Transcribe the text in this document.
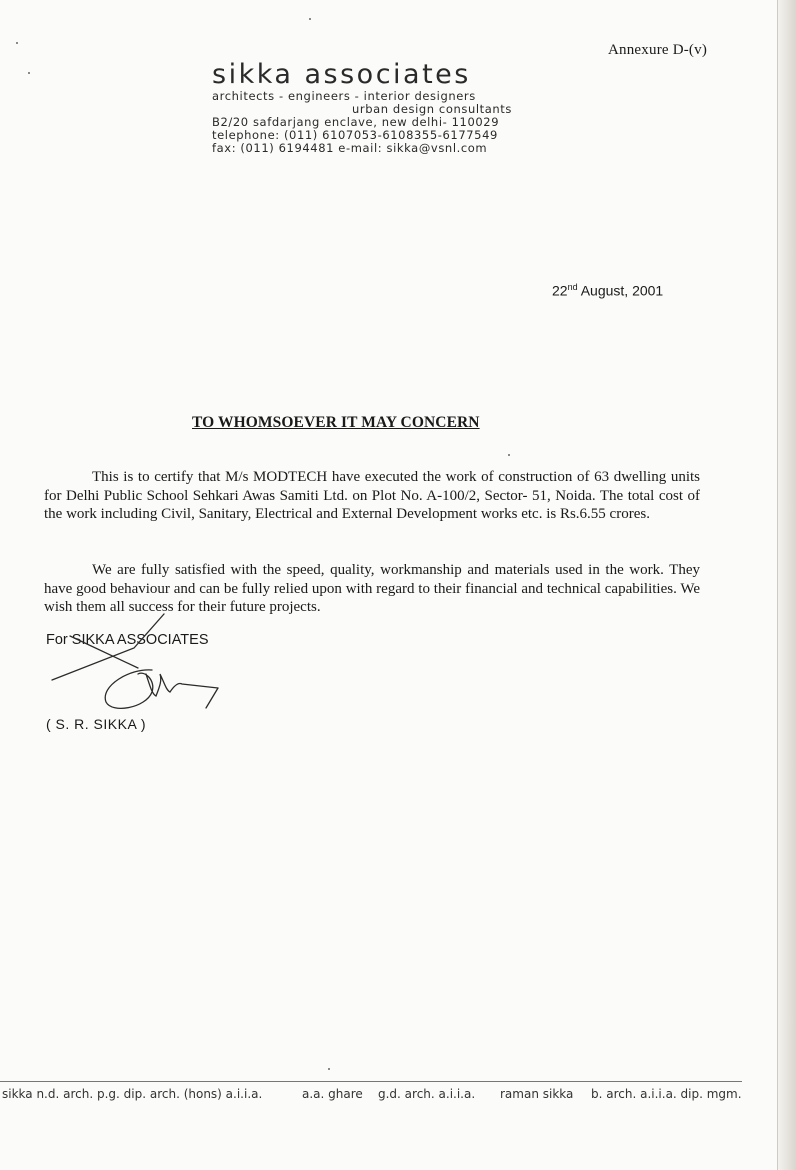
Annexure D-(v)
sikka associates
architects - engineers - interior designers
urban design consultants
B2/20 safdarjang enclave, new delhi- 110029
telephone: (011) 6107053-6108355-6177549
fax: (011) 6194481 e-mail: sikka@vsnl.com
22nd August, 2001
TO WHOMSOEVER IT MAY CONCERN
This is to certify that M/s MODTECH have executed the work of construction of 63 dwelling units for Delhi Public School Sehkari Awas Samiti Ltd. on Plot No. A-100/2, Sector- 51, Noida. The total cost of the work including Civil, Sanitary, Electrical and External Development works etc. is Rs.6.55 crores.
We are fully satisfied with the speed, quality, workmanship and materials used in the work. They have good behaviour and can be fully relied upon with regard to their financial and technical capabilities. We wish them all success for their future projects.
For SIKKA ASSOCIATES
( S. R. SIKKA )
sikka n.d. arch. p.g. dip. arch. (hons) a.i.i.a.	a.a. ghare g.d. arch. a.i.i.a. raman sikka b. arch. a.i.i.a. dip. mgm.
